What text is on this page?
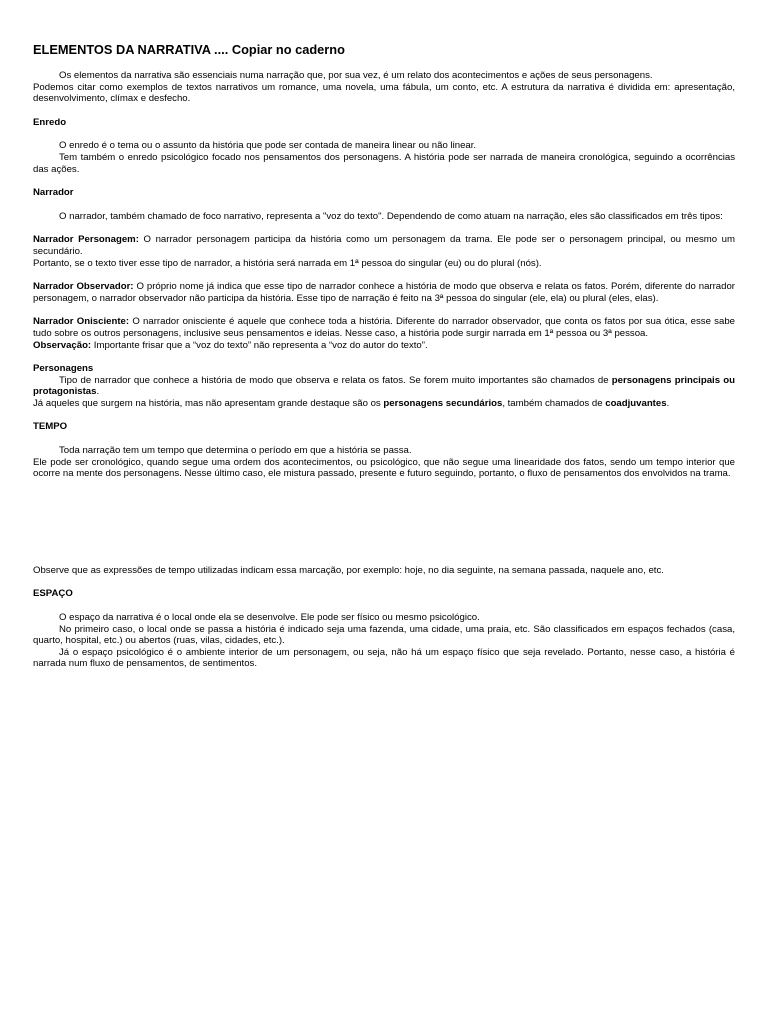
ELEMENTOS DA NARRATIVA .... Copiar no caderno

Os elementos da narrativa são essenciais numa narração que, por sua vez, é um relato dos acontecimentos e ações de seus personagens.

Podemos citar como exemplos de textos narrativos um romance, uma novela, uma fábula, um conto, etc. A estrutura da narrativa é dividida em: apresentação, desenvolvimento, clímax e desfecho.

Enredo

O enredo é o tema ou o assunto da história que pode ser contada de maneira linear ou não linear.

Tem também o enredo psicológico focado nos pensamentos dos personagens. A história pode ser narrada de maneira cronológica, seguindo a ocorrências das ações.

Narrador

O narrador, também chamado de foco narrativo, representa a "voz do texto". Dependendo de como atuam na narração, eles são classificados em três tipos:

Narrador Personagem: O narrador personagem participa da história como um personagem da trama. Ele pode ser o personagem principal, ou mesmo um secundário.

Portanto, se o texto tiver esse tipo de narrador, a história será narrada em 1ª pessoa do singular (eu) ou do plural (nós).

Narrador Observador: O próprio nome já indica que esse tipo de narrador conhece a história de modo que observa e relata os fatos. Porém, diferente do narrador personagem, o narrador observador não participa da história. Esse tipo de narração é feito na 3ª pessoa do singular (ele, ela) ou plural (eles, elas).

Narrador Onisciente: O narrador onisciente é aquele que conhece toda a história. Diferente do narrador observador, que conta os fatos por sua ótica, esse sabe tudo sobre os outros personagens, inclusive seus pensamentos e ideias. Nesse caso, a história pode surgir narrada em 1ª pessoa ou 3ª pessoa.

Observação: Importante frisar que a “voz do texto” não representa a “voz do autor do texto”.

Personagens

Tipo de narrador que conhece a história de modo que observa e relata os fatos. Se forem muito importantes são chamados de personagens principais ou protagonistas.

Já aqueles que surgem na história, mas não apresentam grande destaque são os personagens secundários, também chamados de coadjuvantes.

TEMPO

Toda narração tem um tempo que determina o período em que a história se passa.

Ele pode ser cronológico, quando segue uma ordem dos acontecimentos, ou psicológico, que não segue uma linearidade dos fatos, sendo um tempo interior que ocorre na mente dos personagens. Nesse último caso, ele mistura passado, presente e futuro seguindo, portanto, o fluxo de pensamentos dos envolvidos na trama.

Observe que as expressões de tempo utilizadas indicam essa marcação, por exemplo: hoje, no dia seguinte, na semana passada, naquele ano, etc.

ESPAÇO

O espaço da narrativa é o local onde ela se desenvolve. Ele pode ser físico ou mesmo psicológico.

No primeiro caso, o local onde se passa a história é indicado seja uma fazenda, uma cidade, uma praia, etc. São classificados em espaços fechados (casa, quarto, hospital, etc.) ou abertos (ruas, vilas, cidades, etc.).

Já o espaço psicológico é o ambiente interior de um personagem, ou seja, não há um espaço físico que seja revelado. Portanto, nesse caso, a história é narrada num fluxo de pensamentos, de sentimentos.
